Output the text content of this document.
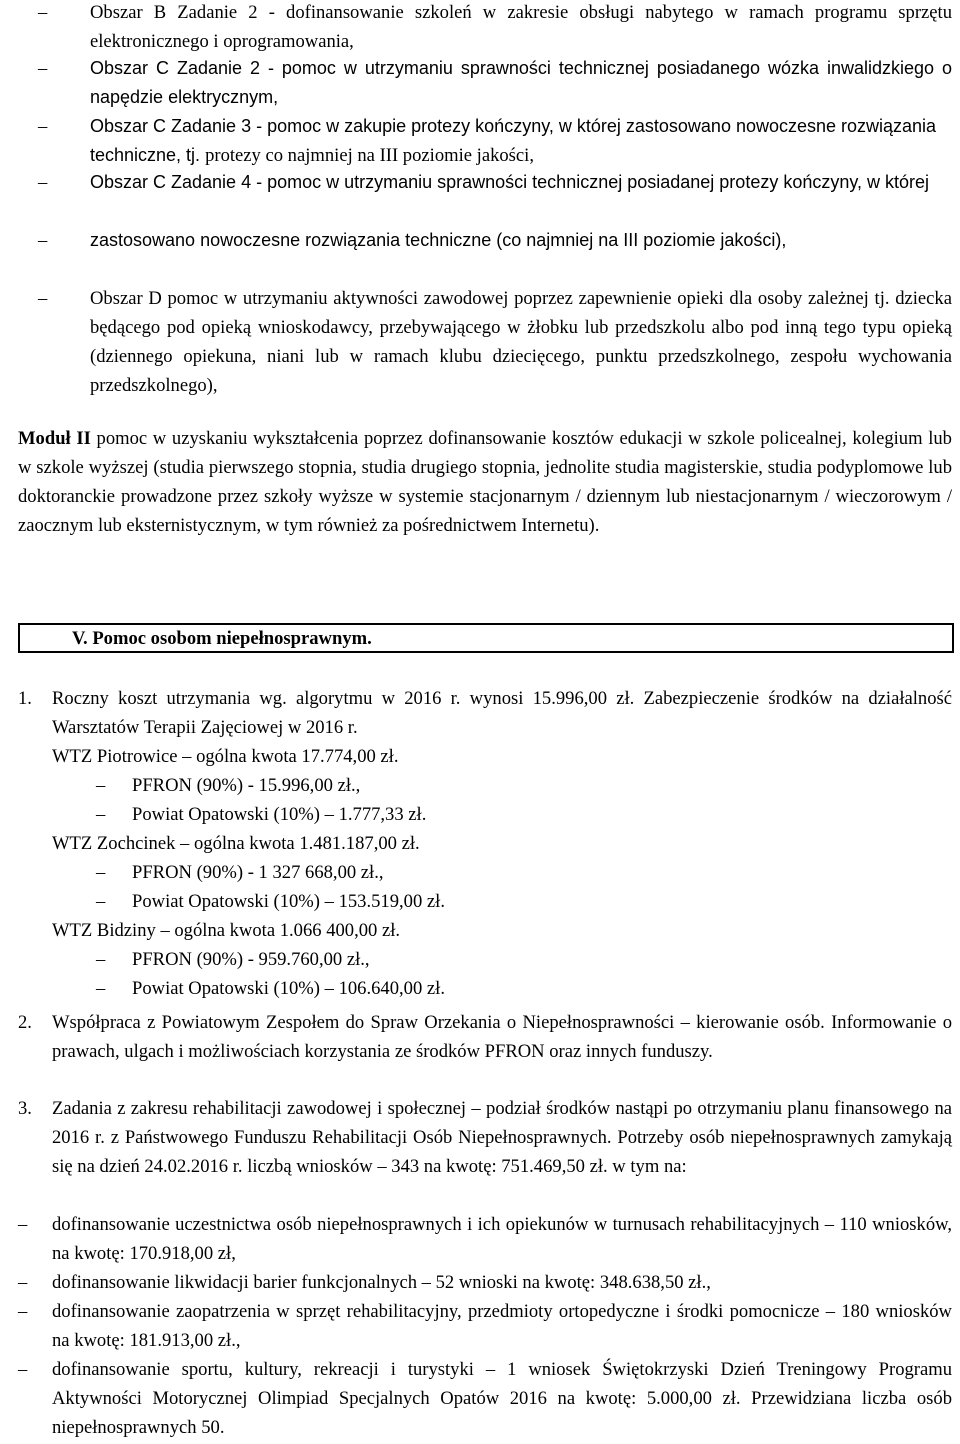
– Obszar B Zadanie 2 - dofinansowanie szkoleń w zakresie obsługi nabytego w ramach programu sprzętu elektronicznego i oprogramowania,
– Obszar C Zadanie 2 - pomoc w utrzymaniu sprawności technicznej posiadanego wózka inwalidzkiego o napędzie elektrycznym,
– Obszar C Zadanie 3 - pomoc w zakupie protezy kończyny, w której zastosowano nowoczesne rozwiązania techniczne, tj. protezy co najmniej na III poziomie jakości,
– Obszar C Zadanie 4 - pomoc w utrzymaniu sprawności technicznej posiadanej protezy kończyny, w której
– zastosowano nowoczesne rozwiązania techniczne (co najmniej na III poziomie jakości),
– Obszar D pomoc w utrzymaniu aktywności zawodowej poprzez zapewnienie opieki dla osoby zależnej tj. dziecka będącego pod opieką wnioskodawcy, przebywającego w żłobku lub przedszkolu albo pod inną tego typu opieką (dziennego opiekuna, niani lub w ramach klubu dziecięcego, punktu przedszkolnego, zespołu wychowania przedszkolnego),
Moduł II pomoc w uzyskaniu wykształcenia poprzez dofinansowanie kosztów edukacji w szkole policealnej, kolegium lub w szkole wyższej (studia pierwszego stopnia, studia drugiego stopnia, jednolite studia magisterskie, studia podyplomowe lub doktoranckie prowadzone przez szkoły wyższe w systemie stacjonarnym / dziennym lub niestacjonarnym / wieczorowym / zaocznym lub eksternistycznym, w tym również za pośrednictwem Internetu).
V. Pomoc osobom niepełnosprawnym.
1. Roczny koszt utrzymania wg. algorytmu w 2016 r. wynosi 15.996,00 zł. Zabezpieczenie środków na działalność Warsztatów Terapii Zajęciowej w 2016 r.
WTZ Piotrowice – ogólna kwota 17.774,00 zł.
– PFRON (90%) - 15.996,00 zł.,
– Powiat Opatowski (10%) – 1.777,33 zł.
WTZ Zochcinek – ogólna kwota 1.481.187,00 zł.
– PFRON (90%) - 1 327 668,00 zł.,
– Powiat Opatowski (10%) – 153.519,00 zł.
WTZ Bidziny – ogólna kwota 1.066 400,00 zł.
– PFRON (90%) - 959.760,00 zł.,
– Powiat Opatowski (10%) – 106.640,00 zł.
2. Współpraca z Powiatowym Zespołem do Spraw Orzekania o Niepełnosprawności – kierowanie osób. Informowanie o prawach, ulgach i możliwościach korzystania ze środków PFRON oraz innych funduszy.
3. Zadania z zakresu rehabilitacji zawodowej i społecznej – podział środków nastąpi po otrzymaniu planu finansowego na 2016 r. z Państwowego Funduszu Rehabilitacji Osób Niepełnosprawnych. Potrzeby osób niepełnosprawnych zamykają się na dzień 24.02.2016 r. liczbą wniosków – 343 na kwotę: 751.469,50 zł. w tym na:
– dofinansowanie uczestnictwa osób niepełnosprawnych i ich opiekunów w turnusach rehabilitacyjnych – 110 wniosków, na kwotę: 170.918,00 zł,
– dofinansowanie likwidacji barier funkcjonalnych – 52 wnioski na kwotę: 348.638,50 zł.,
– dofinansowanie zaopatrzenia w sprzęt rehabilitacyjny, przedmioty ortopedyczne i środki pomocnicze – 180 wniosków na kwotę: 181.913,00 zł.,
– dofinansowanie sportu, kultury, rekreacji i turystyki – 1 wniosek Świętokrzyski Dzień Treningowy Programu Aktywności Motorycznej Olimpiad Specjalnych Opatów 2016 na kwotę: 5.000,00 zł. Przewidziana liczba osób niepełnosprawnych 50.
